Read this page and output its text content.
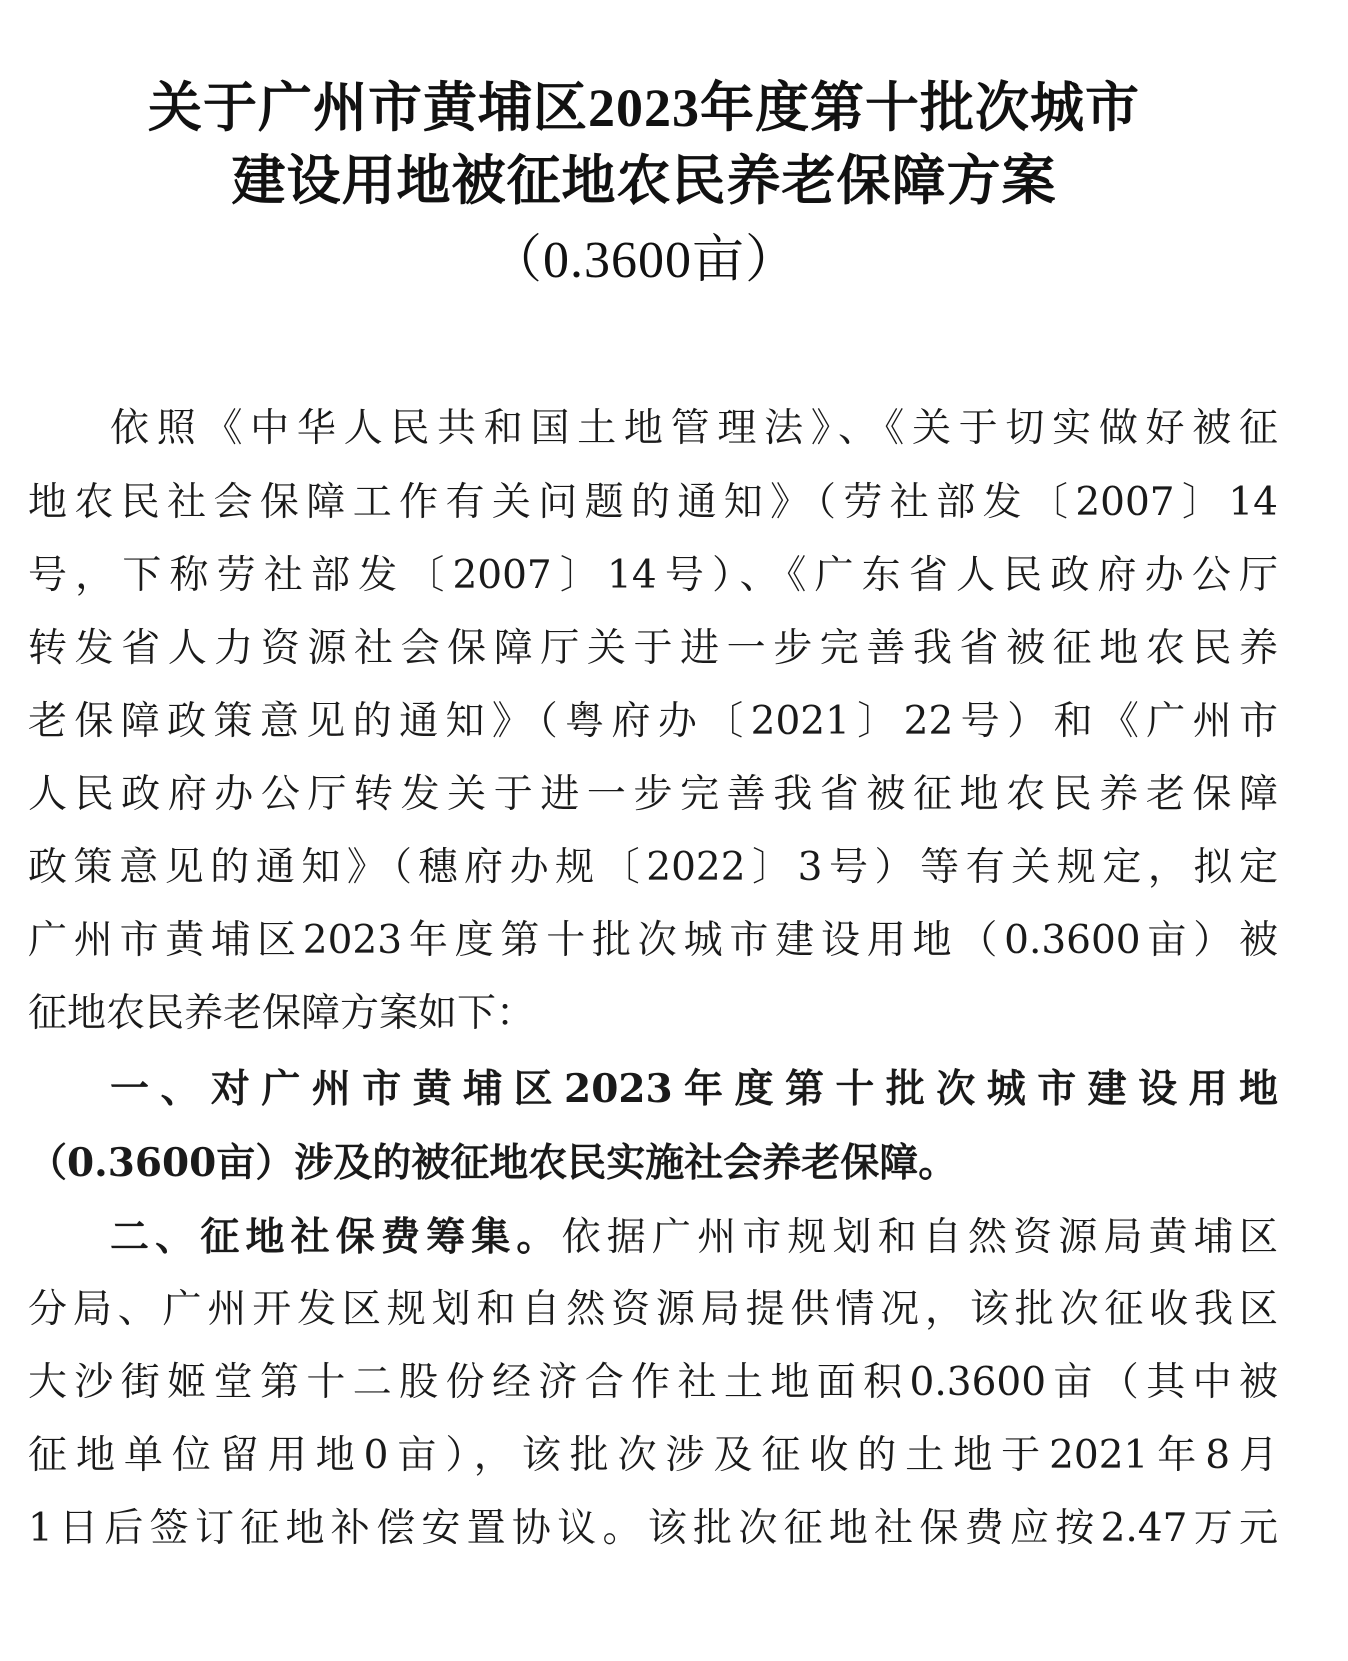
关于广州市黄埔区2023年度第十批次城市
建设用地被征地农民养老保障方案
（0.3600亩）
依照《中华人民共和国土地管理法》、《关于切实做好被征
地农民社会保障工作有关问题的通知》（劳社部发〔2007〕14
号，下称劳社部发〔2007〕14号）、《广东省人民政府办公厅
转发省人力资源社会保障厅关于进一步完善我省被征地农民养
老保障政策意见的通知》（粤府办〔2021〕22号）和《广州市
人民政府办公厅转发关于进一步完善我省被征地农民养老保障
政策意见的通知》（穗府办规〔2022〕3号）等有关规定，拟定
广州市黄埔区2023年度第十批次城市建设用地（0.3600亩）被
征地农民养老保障方案如下：
一、对广州市黄埔区2023年度第十批次城市建设用地
（0.3600亩）涉及的被征地农民实施社会养老保障。
二、征地社保费筹集。依据广州市规划和自然资源局黄埔区
分局、广州开发区规划和自然资源局提供情况，该批次征收我区
大沙街姬堂第十二股份经济合作社土地面积0.3600亩（其中被
征地单位留用地0亩），该批次涉及征收的土地于2021年8月
1日后签订征地补偿安置协议。该批次征地社保费应按2.47万元
